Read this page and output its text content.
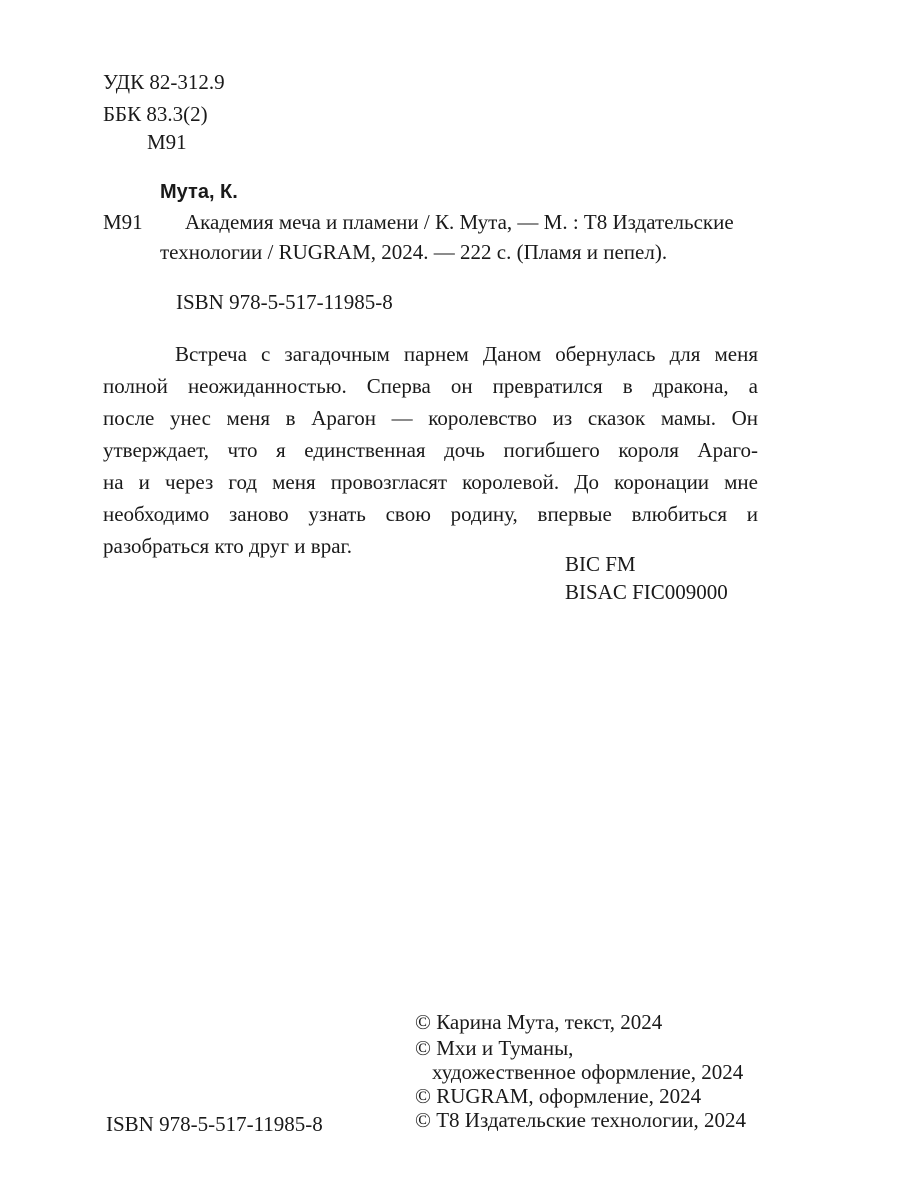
УДК 82-312.9
ББК 83.3(2)
М91
Мута, К.
М91 Академия меча и пламени / К. Мута, — М. : Т8 Издательские
технологии / RUGRAM, 2024. — 222 с. (Пламя и пепел).
ISBN 978-5-517-11985-8
Встреча с загадочным парнем Даном обернулась для меня
полной неожиданностью. Сперва он превратился в дракона, а
после унес меня в Арагон — королевство из сказок мамы. Он
утверждает, что я единственная дочь погибшего короля Араго-
на и через год меня провозгласят королевой. До коронации мне
необходимо заново узнать свою родину, впервые влюбиться и
разобраться кто друг и враг.
BIC FM
BISAC FIC009000
© Карина Мута, текст, 2024
© Мхи и Туманы,
художественное оформление, 2024
© RUGRAM, оформление, 2024
© Т8 Издательские технологии, 2024
ISBN 978-5-517-11985-8
